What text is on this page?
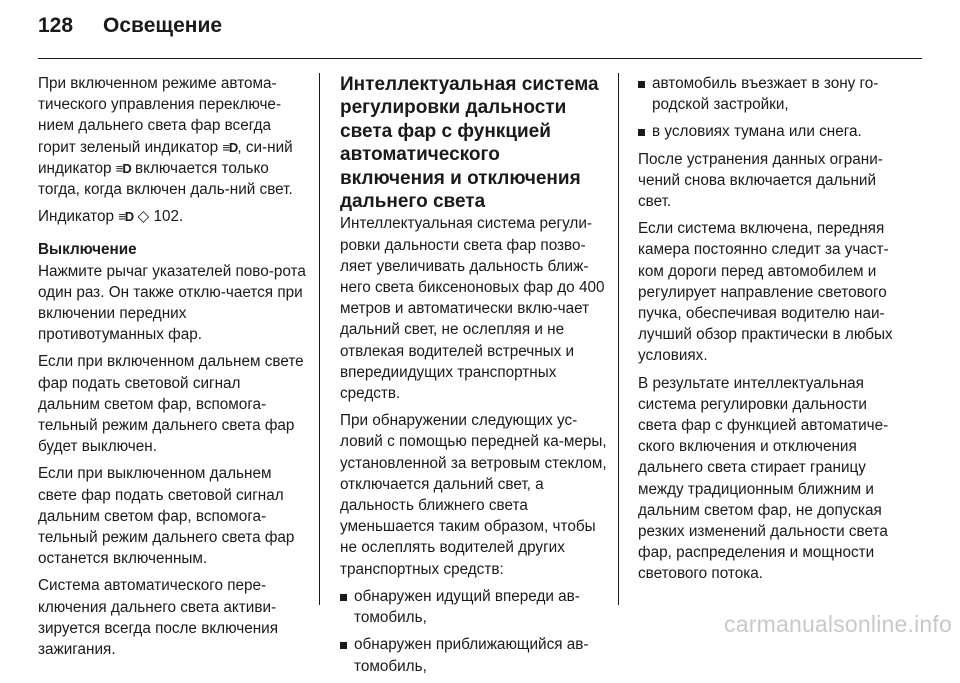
128 Освещение

При включенном режиме автома-тического управления переключе-нием дальнего света фар всегда горит зеленый индикатор ≡D, си-ний индикатор ≡D включается только тогда, когда включен даль-ний свет.

Индикатор ≡D ◇ 102.

Выключение

Нажмите рычаг указателей пово-рота один раз. Он также отклю-чается при включении передних противотуманных фар.

Если при включенном дальнем свете фар подать световой сигнал дальним светом фар, вспомога-тельный режим дальнего света фар будет выключен.

Если при выключенном дальнем свете фар подать световой сигнал дальним светом фар, вспомога-тельный режим дальнего света фар останется включенным.

Система автоматического пере-ключения дальнего света активи-зируется всегда после включения зажигания.

Интеллектуальная система регулировки дальности света фар с функцией автоматического включения и отключения дальнего света

Интеллектуальная система регули-ровки дальности света фар позво-ляет увеличивать дальность ближ-него света биксеноновых фар до 400 метров и автоматически вклю-чает дальний свет, не ослепляя и не отвлекая водителей встречных и впередиидущих транспортных средств.

При обнаружении следующих ус-ловий с помощью передней ка-меры, установленной за ветровым стеклом, отключается дальний свет, а дальность ближнего света уменьшается таким образом, чтобы не ослеплять водителей других транспортных средств:

обнаружен идущий впереди ав-томобиль,
обнаружен приближающийся ав-томобиль,
автомобиль въезжает в зону го-родской застройки,
в условиях тумана или снега.

После устранения данных ограни-чений снова включается дальний свет.

Если система включена, передняя камера постоянно следит за участ-ком дороги перед автомобилем и регулирует направление светового пучка, обеспечивая водителю наи-лучший обзор практически в любых условиях.

В результате интеллектуальная система регулировки дальности света фар с функцией автоматиче-ского включения и отключения дальнего света стирает границу между традиционным ближним и дальним светом фар, не допуская резких изменений дальности света фар, распределения и мощности светового потока.

carmanualsonline.info
